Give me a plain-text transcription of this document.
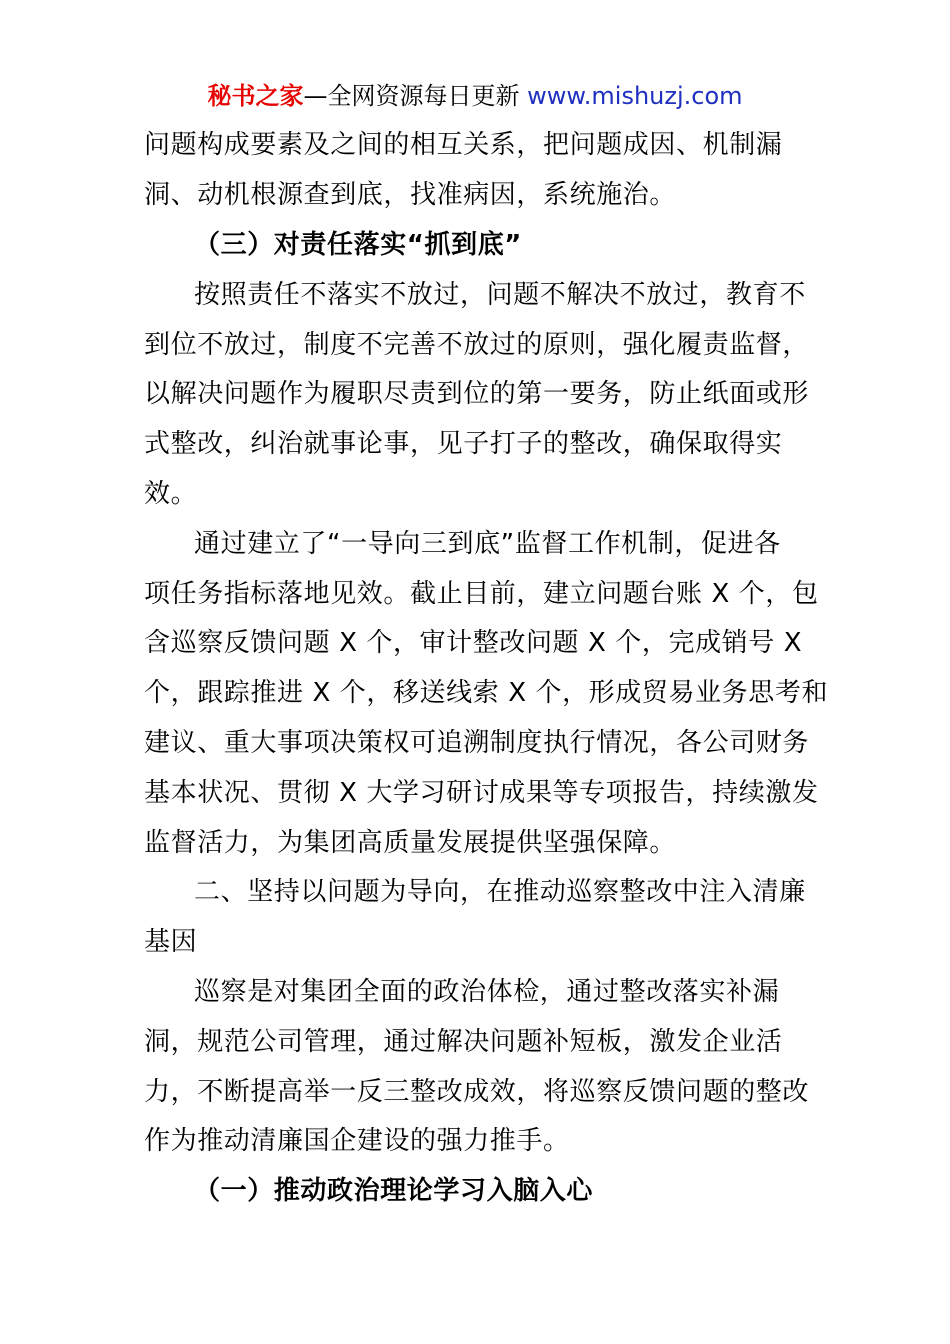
秘书之家—全网资源每日更新 www.mishuzj.com
问题构成要素及之间的相互关系，把问题成因、机制漏
洞、动机根源查到底，找准病因，系统施治。
（三）对责任落实“抓到底”
按照责任不落实不放过，问题不解决不放过，教育不
到位不放过，制度不完善不放过的原则，强化履责监督，
以解决问题作为履职尽责到位的第一要务，防止纸面或形
式整改，纠治就事论事，见子打子的整改，确保取得实
效。
通过建立了“一导向三到底”监督工作机制，促进各
项任务指标落地见效。截止目前，建立问题台账 X 个，包
含巡察反馈问题 X 个，审计整改问题 X 个，完成销号 X
个，跟踪推进 X 个，移送线索 X 个，形成贸易业务思考和
建议、重大事项决策权可追溯制度执行情况，各公司财务
基本状况、贯彻 X 大学习研讨成果等专项报告，持续激发
监督活力，为集团高质量发展提供坚强保障。
二、坚持以问题为导向，在推动巡察整改中注入清廉
基因
巡察是对集团全面的政治体检，通过整改落实补漏
洞，规范公司管理，通过解决问题补短板，激发企业活
力，不断提高举一反三整改成效，将巡察反馈问题的整改
作为推动清廉国企建设的强力推手。
（一）推动政治理论学习入脑入心
